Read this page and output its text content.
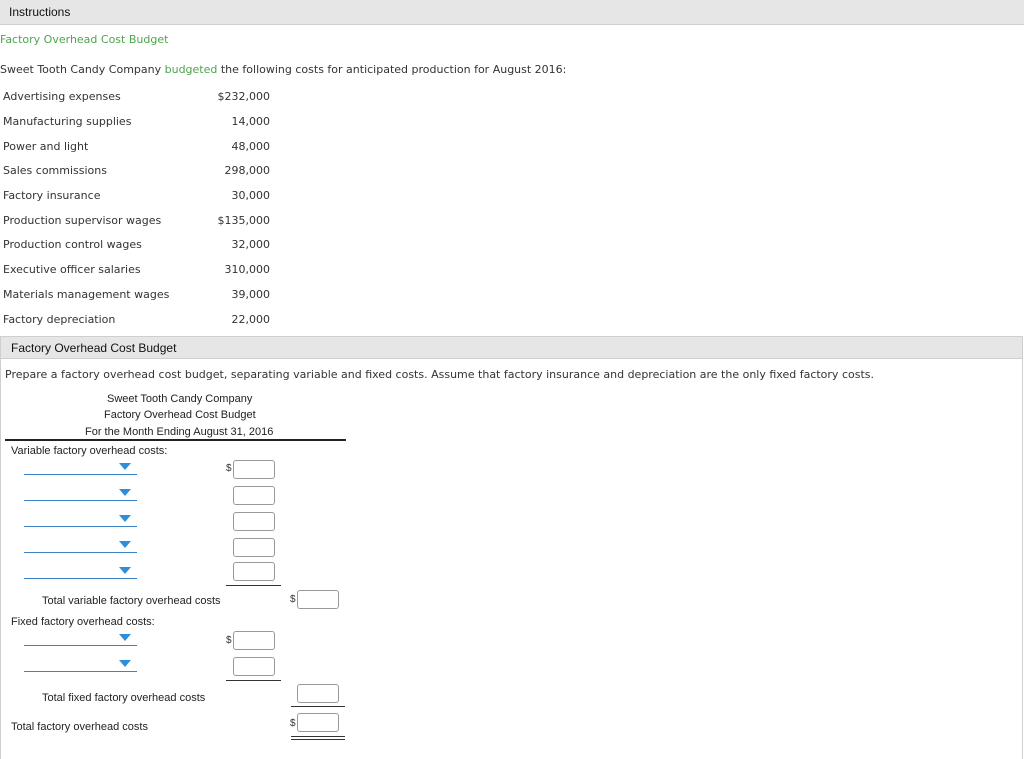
Instructions
Factory Overhead Cost Budget
Sweet Tooth Candy Company budgeted the following costs for anticipated production for August 2016:
Advertising expenses	$232,000
Manufacturing supplies	14,000
Power and light	48,000
Sales commissions	298,000
Factory insurance	30,000
Production supervisor wages	$135,000
Production control wages	32,000
Executive officer salaries	310,000
Materials management wages	39,000
Factory depreciation	22,000
Factory Overhead Cost Budget
Prepare a factory overhead cost budget, separating variable and fixed costs. Assume that factory insurance and depreciation are the only fixed factory costs.
Sweet Tooth Candy Company
Factory Overhead Cost Budget
For the Month Ending August 31, 2016
Variable factory overhead costs:
$
Total variable factory overhead costs	$
Fixed factory overhead costs:
$
Total fixed factory overhead costs
Total factory overhead costs	$
